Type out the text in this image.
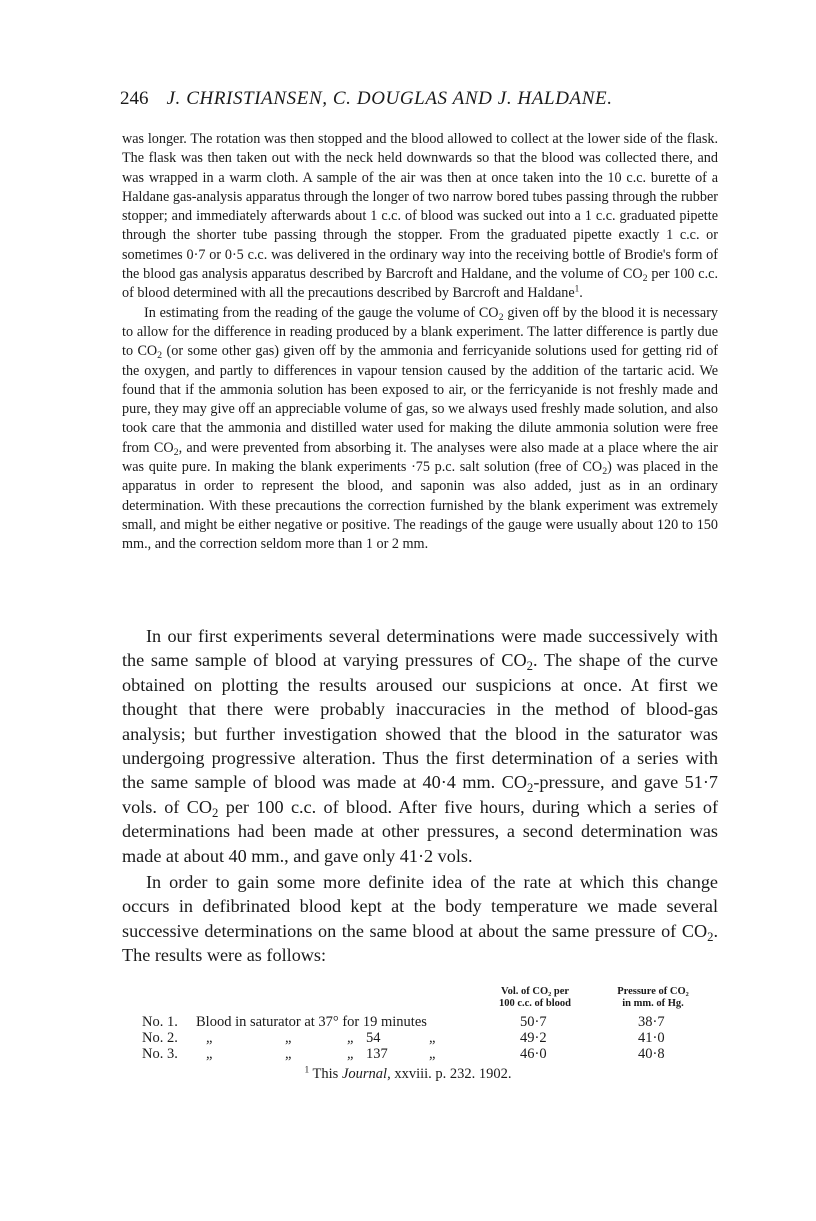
246 J. CHRISTIANSEN, C. DOUGLAS AND J. HALDANE.

was longer. The rotation was then stopped and the blood allowed to collect at the lower side of the flask. The flask was then taken out with the neck held downwards so that the blood was collected there, and was wrapped in a warm cloth. A sample of the air was then at once taken into the 10 c.c. burette of a Haldane gas-analysis apparatus through the longer of two narrow bored tubes passing through the rubber stopper; and immediately afterwards about 1 c.c. of blood was sucked out into a 1 c.c. graduated pipette through the shorter tube passing through the stopper. From the graduated pipette exactly 1 c.c. or sometimes 0·7 or 0·5 c.c. was delivered in the ordinary way into the receiving bottle of Brodie's form of the blood gas analysis apparatus described by Barcroft and Haldane, and the volume of $CO_2$ per 100 c.c. of blood determined with all the precautions described by Barcroft and Haldane$^1$.

In estimating from the reading of the gauge the volume of $CO_2$ given off by the blood it is necessary to allow for the difference in reading produced by a blank experiment. The latter difference is partly due to $CO_2$ (or some other gas) given off by the ammonia and ferricyanide solutions used for getting rid of the oxygen, and partly to differences in vapour tension caused by the addition of the tartaric acid. We found that if the ammonia solution has been exposed to air, or the ferricyanide is not freshly made and pure, they may give off an appreciable volume of gas, so we always used freshly made solution, and also took care that the ammonia and distilled water used for making the dilute ammonia solution were free from $CO_2$, and were prevented from absorbing it. The analyses were also made at a place where the air was quite pure. In making the blank experiments ·75 p.c. salt solution (free of $CO_2$) was placed in the apparatus in order to represent the blood, and saponin was also added, just as in an ordinary determination. With these precautions the correction furnished by the blank experiment was extremely small, and might be either negative or positive. The readings of the gauge were usually about 120 to 150 mm., and the correction seldom more than 1 or 2 mm.

In our first experiments several determinations were made successively with the same sample of blood at varying pressures of $CO_2$. The shape of the curve obtained on plotting the results aroused our suspicions at once. At first we thought that there were probably inaccuracies in the method of blood-gas analysis; but further investigation showed that the blood in the saturator was undergoing progressive alteration. Thus the first determination of a series with the same sample of blood was made at 40·4 mm. $CO_2$-pressure, and gave 51·7 vols. of $CO_2$ per 100 c.c. of blood. After five hours, during which a series of determinations had been made at other pressures, a second determination was made at about 40 mm., and gave only 41·2 vols.

In order to gain some more definite idea of the rate at which this change occurs in defibrinated blood kept at the body temperature we made several successive determinations on the same blood at about the same pressure of $CO_2$. The results were as follows:

Vol. of CO₂ per
100 c.c. of blood
Pressure of CO₂
in mm. of Hg.
No. 1. Blood in saturator at 37° for 19 minutes	50·7	38·7
No. 2. „	„	„ 54	„	49·2	41·0
No. 3. „	„	„ 137	„	46·0	40·8
$^1$ This Journal, xxviii. p. 232. 1902.
